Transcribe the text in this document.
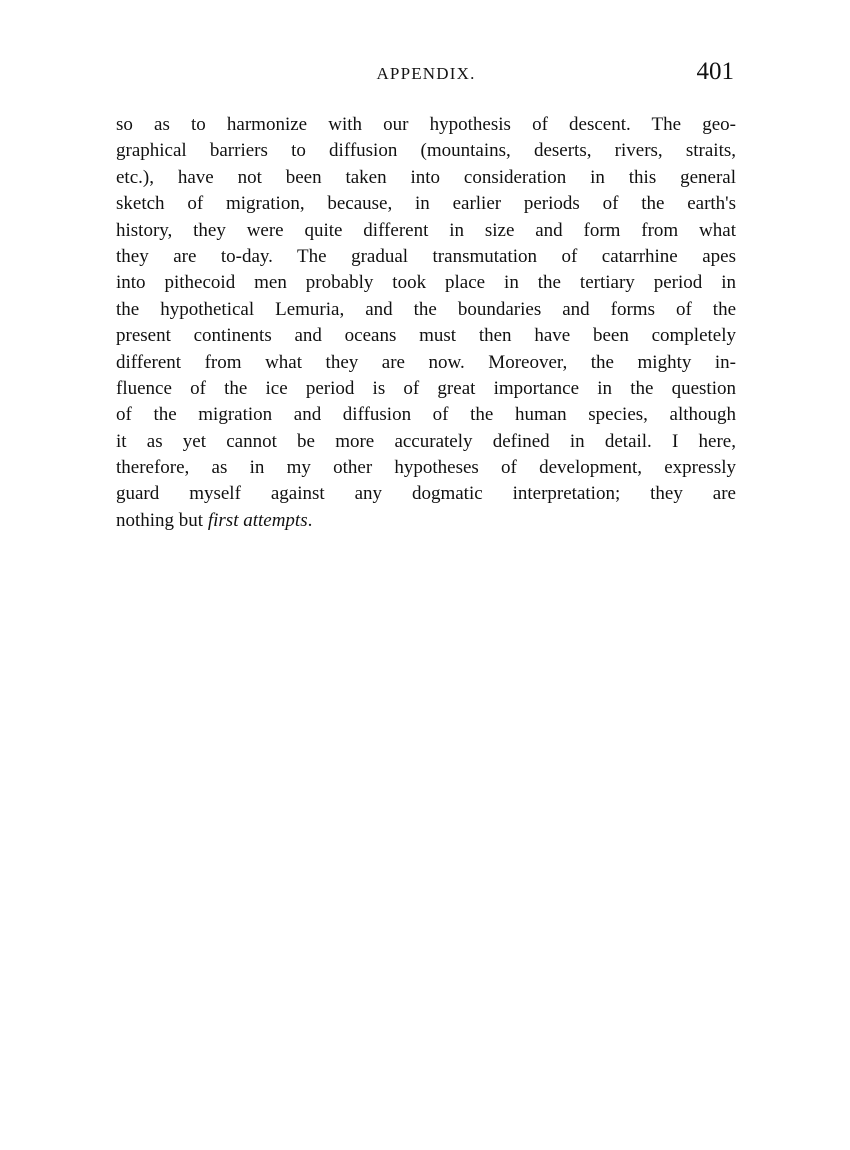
APPENDIX.	401
so as to harmonize with our hypothesis of descent. The geo-
graphical barriers to diffusion (mountains, deserts, rivers, straits,
etc.), have not been taken into consideration in this general
sketch of migration, because, in earlier periods of the earth's
history, they were quite different in size and form from what
they are to-day. The gradual transmutation of catarrhine apes
into pithecoid men probably took place in the tertiary period in
the hypothetical Lemuria, and the boundaries and forms of the
present continents and oceans must then have been completely
different from what they are now. Moreover, the mighty in-
fluence of the ice period is of great importance in the question
of the migration and diffusion of the human species, although
it as yet cannot be more accurately defined in detail. I here,
therefore, as in my other hypotheses of development, expressly
guard myself against any dogmatic interpretation; they are
nothing but first attempts.
